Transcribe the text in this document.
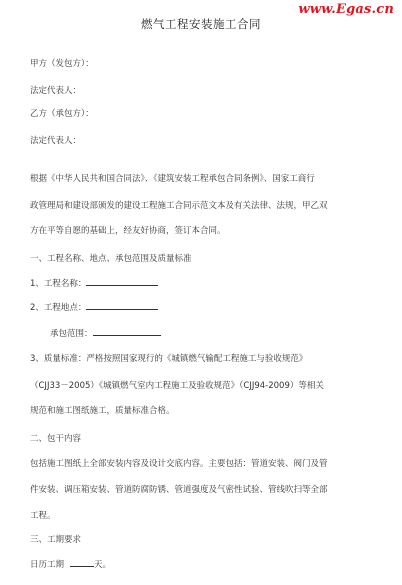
www.Egas.cn
燃气工程安装施工合同
甲方（发包方）：
法定代表人：
乙方（承包方）：
法定代表人：
根据《中华人民共和国合同法》、《建筑安装工程承包合同条例》、国家工商行
政管理局和建设部颁发的建设工程施工合同示范文本及有关法律、法规，甲乙双
方在平等自愿的基础上，经友好协商，签订本合同。
一、工程名称、地点、承包范围及质量标准
1、工程名称：
2、工程地点：
承包范围：
3、质量标准：严格按照国家现行的《城镇燃气输配工程施工与验收规范》
（CJJ33－2005）《城镇燃气室内工程施工及验收规范》（CJJ94-2009）等相关
规范和施工图纸施工，质量标准合格。
二、包干内容
包括施工图纸上全部安装内容及设计交底内容。主要包括：管道安装、阀门及管
件安装、调压箱安装、管道防腐防锈、管道强度及气密性试验、管线吹扫等全部
工程。
三、工期要求
日历工期	天。
